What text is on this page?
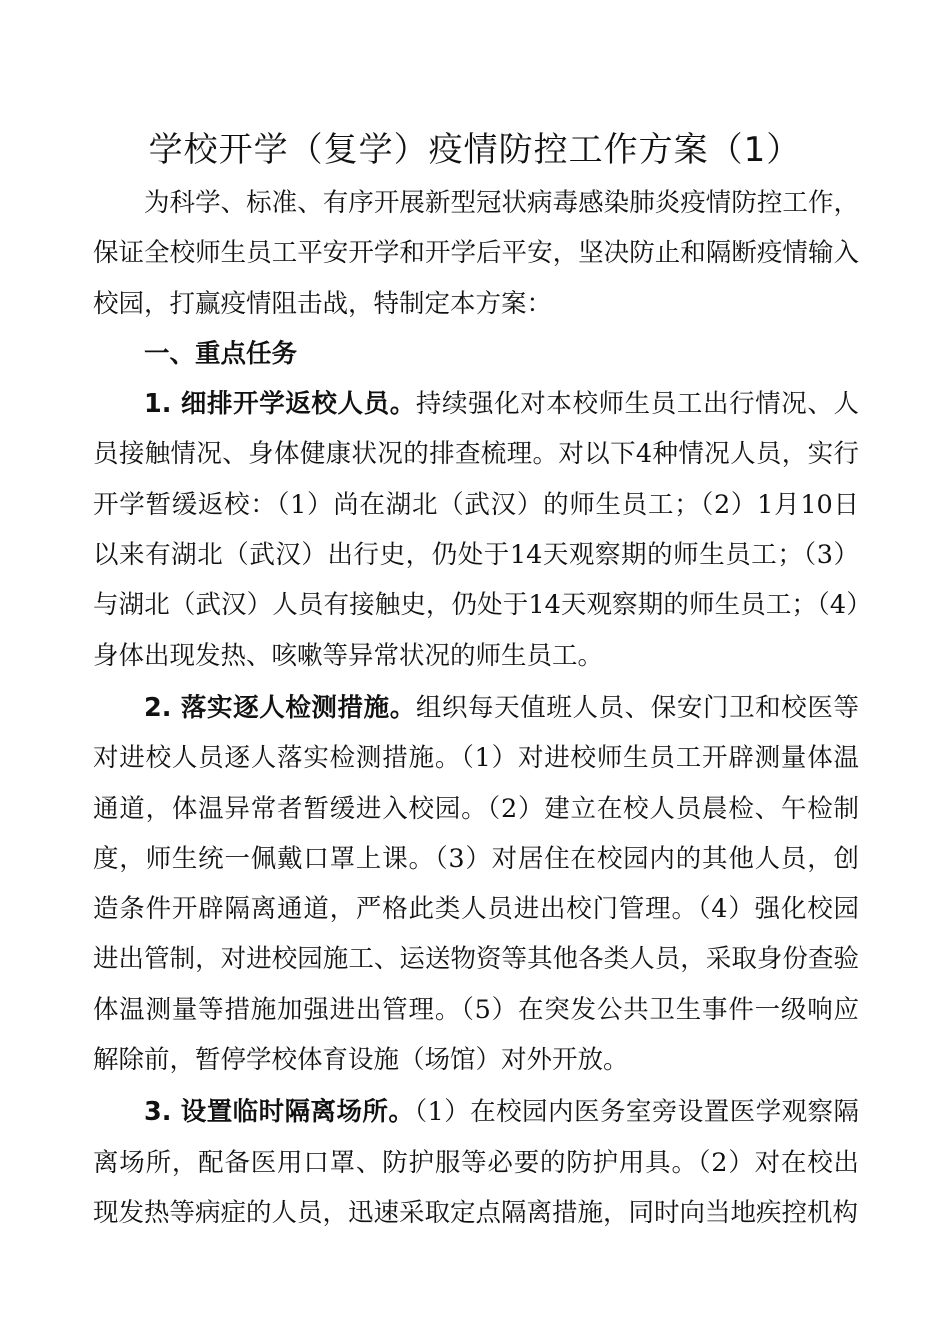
学校开学（复学）疫情防控工作方案（1）

为科学、标准、有序开展新型冠状病毒感染肺炎疫情防控工作，保证全校师生员工平安开学和开学后平安，坚决防止和隔断疫情输入校园，打赢疫情阻击战，特制定本方案：

一、重点任务

1. 细排开学返校人员。持续强化对本校师生员工出行情况、人员接触情况、身体健康状况的排查梳理。对以下4种情况人员，实行开学暂缓返校：（1）尚在湖北（武汉）的师生员工；（2）1月10日以来有湖北（武汉）出行史，仍处于14天观察期的师生员工；（3）与湖北（武汉）人员有接触史，仍处于14天观察期的师生员工；（4）身体出现发热、咳嗽等异常状况的师生员工。

2. 落实逐人检测措施。组织每天值班人员、保安门卫和校医等对进校人员逐人落实检测措施。（1）对进校师生员工开辟测量体温通道，体温异常者暂缓进入校园。（2）建立在校人员晨检、午检制度，师生统一佩戴口罩上课。（3）对居住在校园内的其他人员，创造条件开辟隔离通道，严格此类人员进出校门管理。（4）强化校园进出管制，对进校园施工、运送物资等其他各类人员，采取身份查验体温测量等措施加强进出管理。（5）在突发公共卫生事件一级响应解除前，暂停学校体育设施（场馆）对外开放。

3. 设置临时隔离场所。（1）在校园内医务室旁设置医学观察隔离场所，配备医用口罩、防护服等必要的防护用具。（2）对在校出现发热等病症的人员，迅速采取定点隔离措施，同时向当地疾控机构
